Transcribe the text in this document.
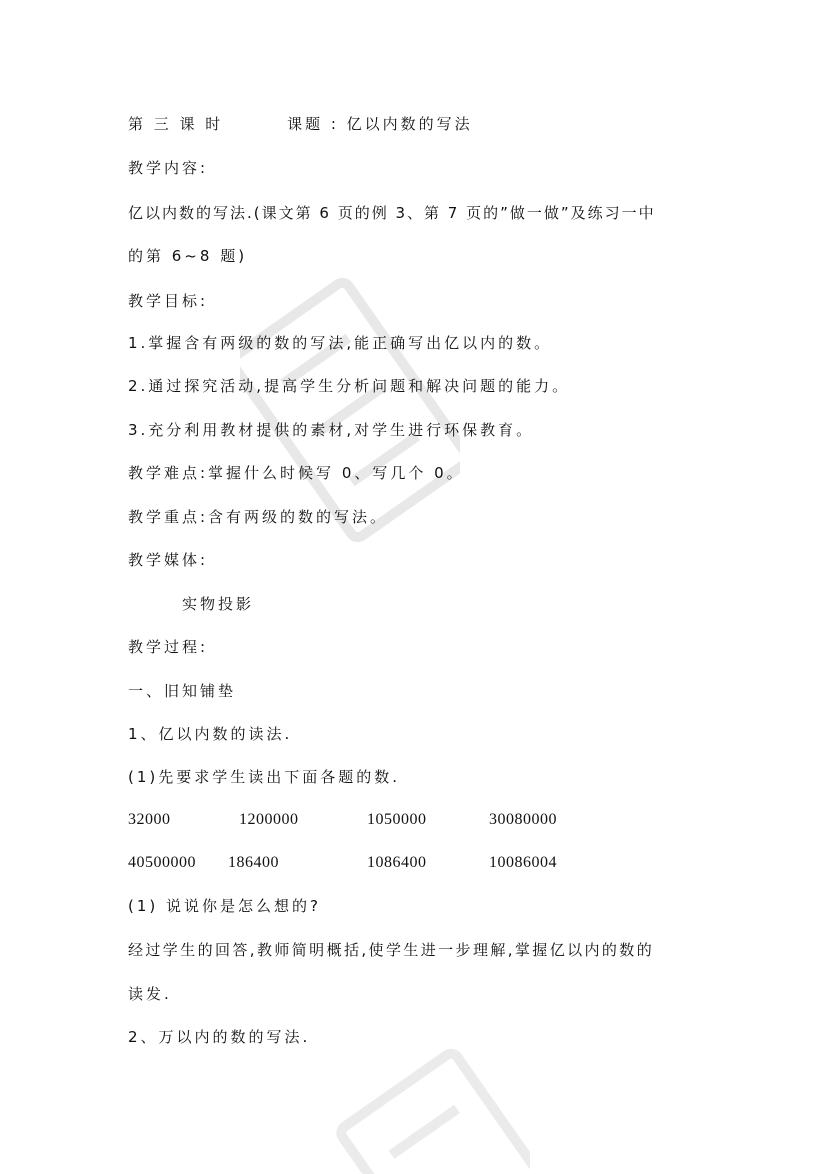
第 三 课 时	课题 : 亿以内数的写法
教学内容:
亿以内数的写法.(课文第 6 页的例 3、第 7 页的”做一做”及练习一中
的第 6~8 题)
教学目标:
1.掌握含有两级的数的写法,能正确写出亿以内的数。
2.通过探究活动,提高学生分析问题和解决问题的能力。
3.充分利用教材提供的素材,对学生进行环保教育。
教学难点:掌握什么时候写 0、写几个 0。
教学重点:含有两级的数的写法。
教学媒体:
实物投影
教学过程:
一、旧知铺垫
1、亿以内数的读法.
(1)先要求学生读出下面各题的数.
32000	1200000	1050000	30080000
40500000 186400	1086400	10086004
(1) 说说你是怎么想的?
经过学生的回答,教师简明概括,使学生进一步理解,掌握亿以内的数的
读发.
2、万以内的数的写法.
